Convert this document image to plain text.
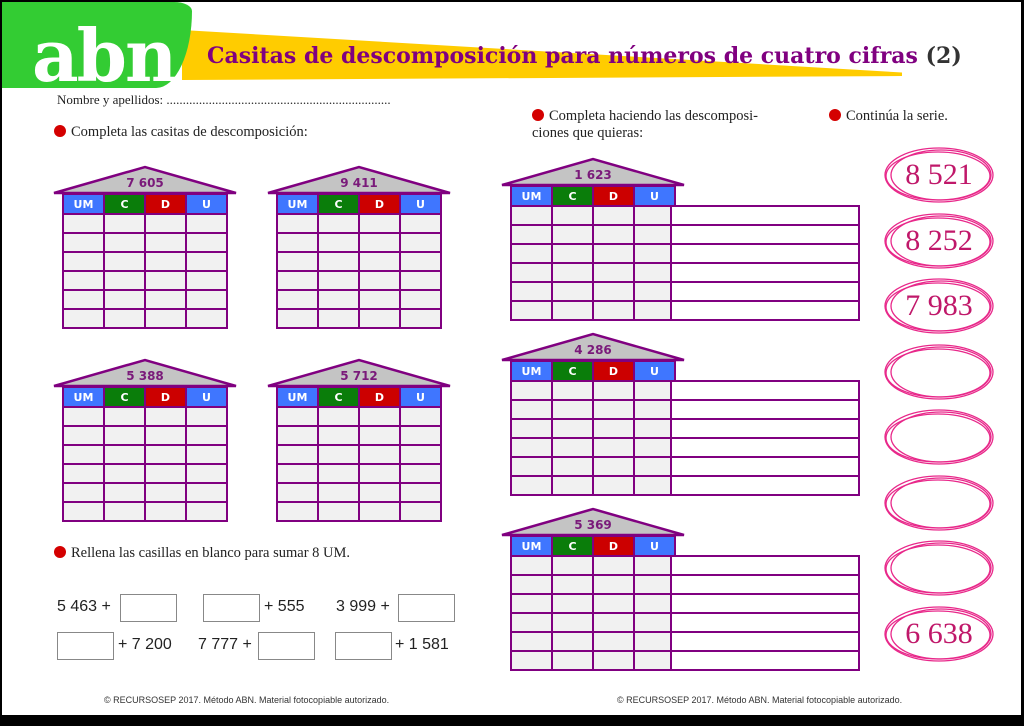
abn Casitas de descomposición para números de cuatro cifras (2)
Nombre y apellidos: .....................................................................
Completa las casitas de descomposición:
Completa haciendo las descomposi-
ciones que quieras:
Continúa la serie.
Rellena las casillas en blanco para sumar 8 UM.
7 605
UM	C	D	U
9 411
UM	C	D	U
5 388
UM	C	D	U
5 712
UM	C	D	U
1 623
UM	C	D	U
4 286
UM	C	D	U
5 369
UM	C	D	U
8 521
8 252
7 983
6 638
5 463 +	+ 555 3 999 +
+ 7 200 7 777 +	+ 1 581
© RECURSOSEP 2017. Método ABN. Material fotocopiable autorizado.	© RECURSOSEP 2017. Método ABN. Material fotocopiable autorizado.
